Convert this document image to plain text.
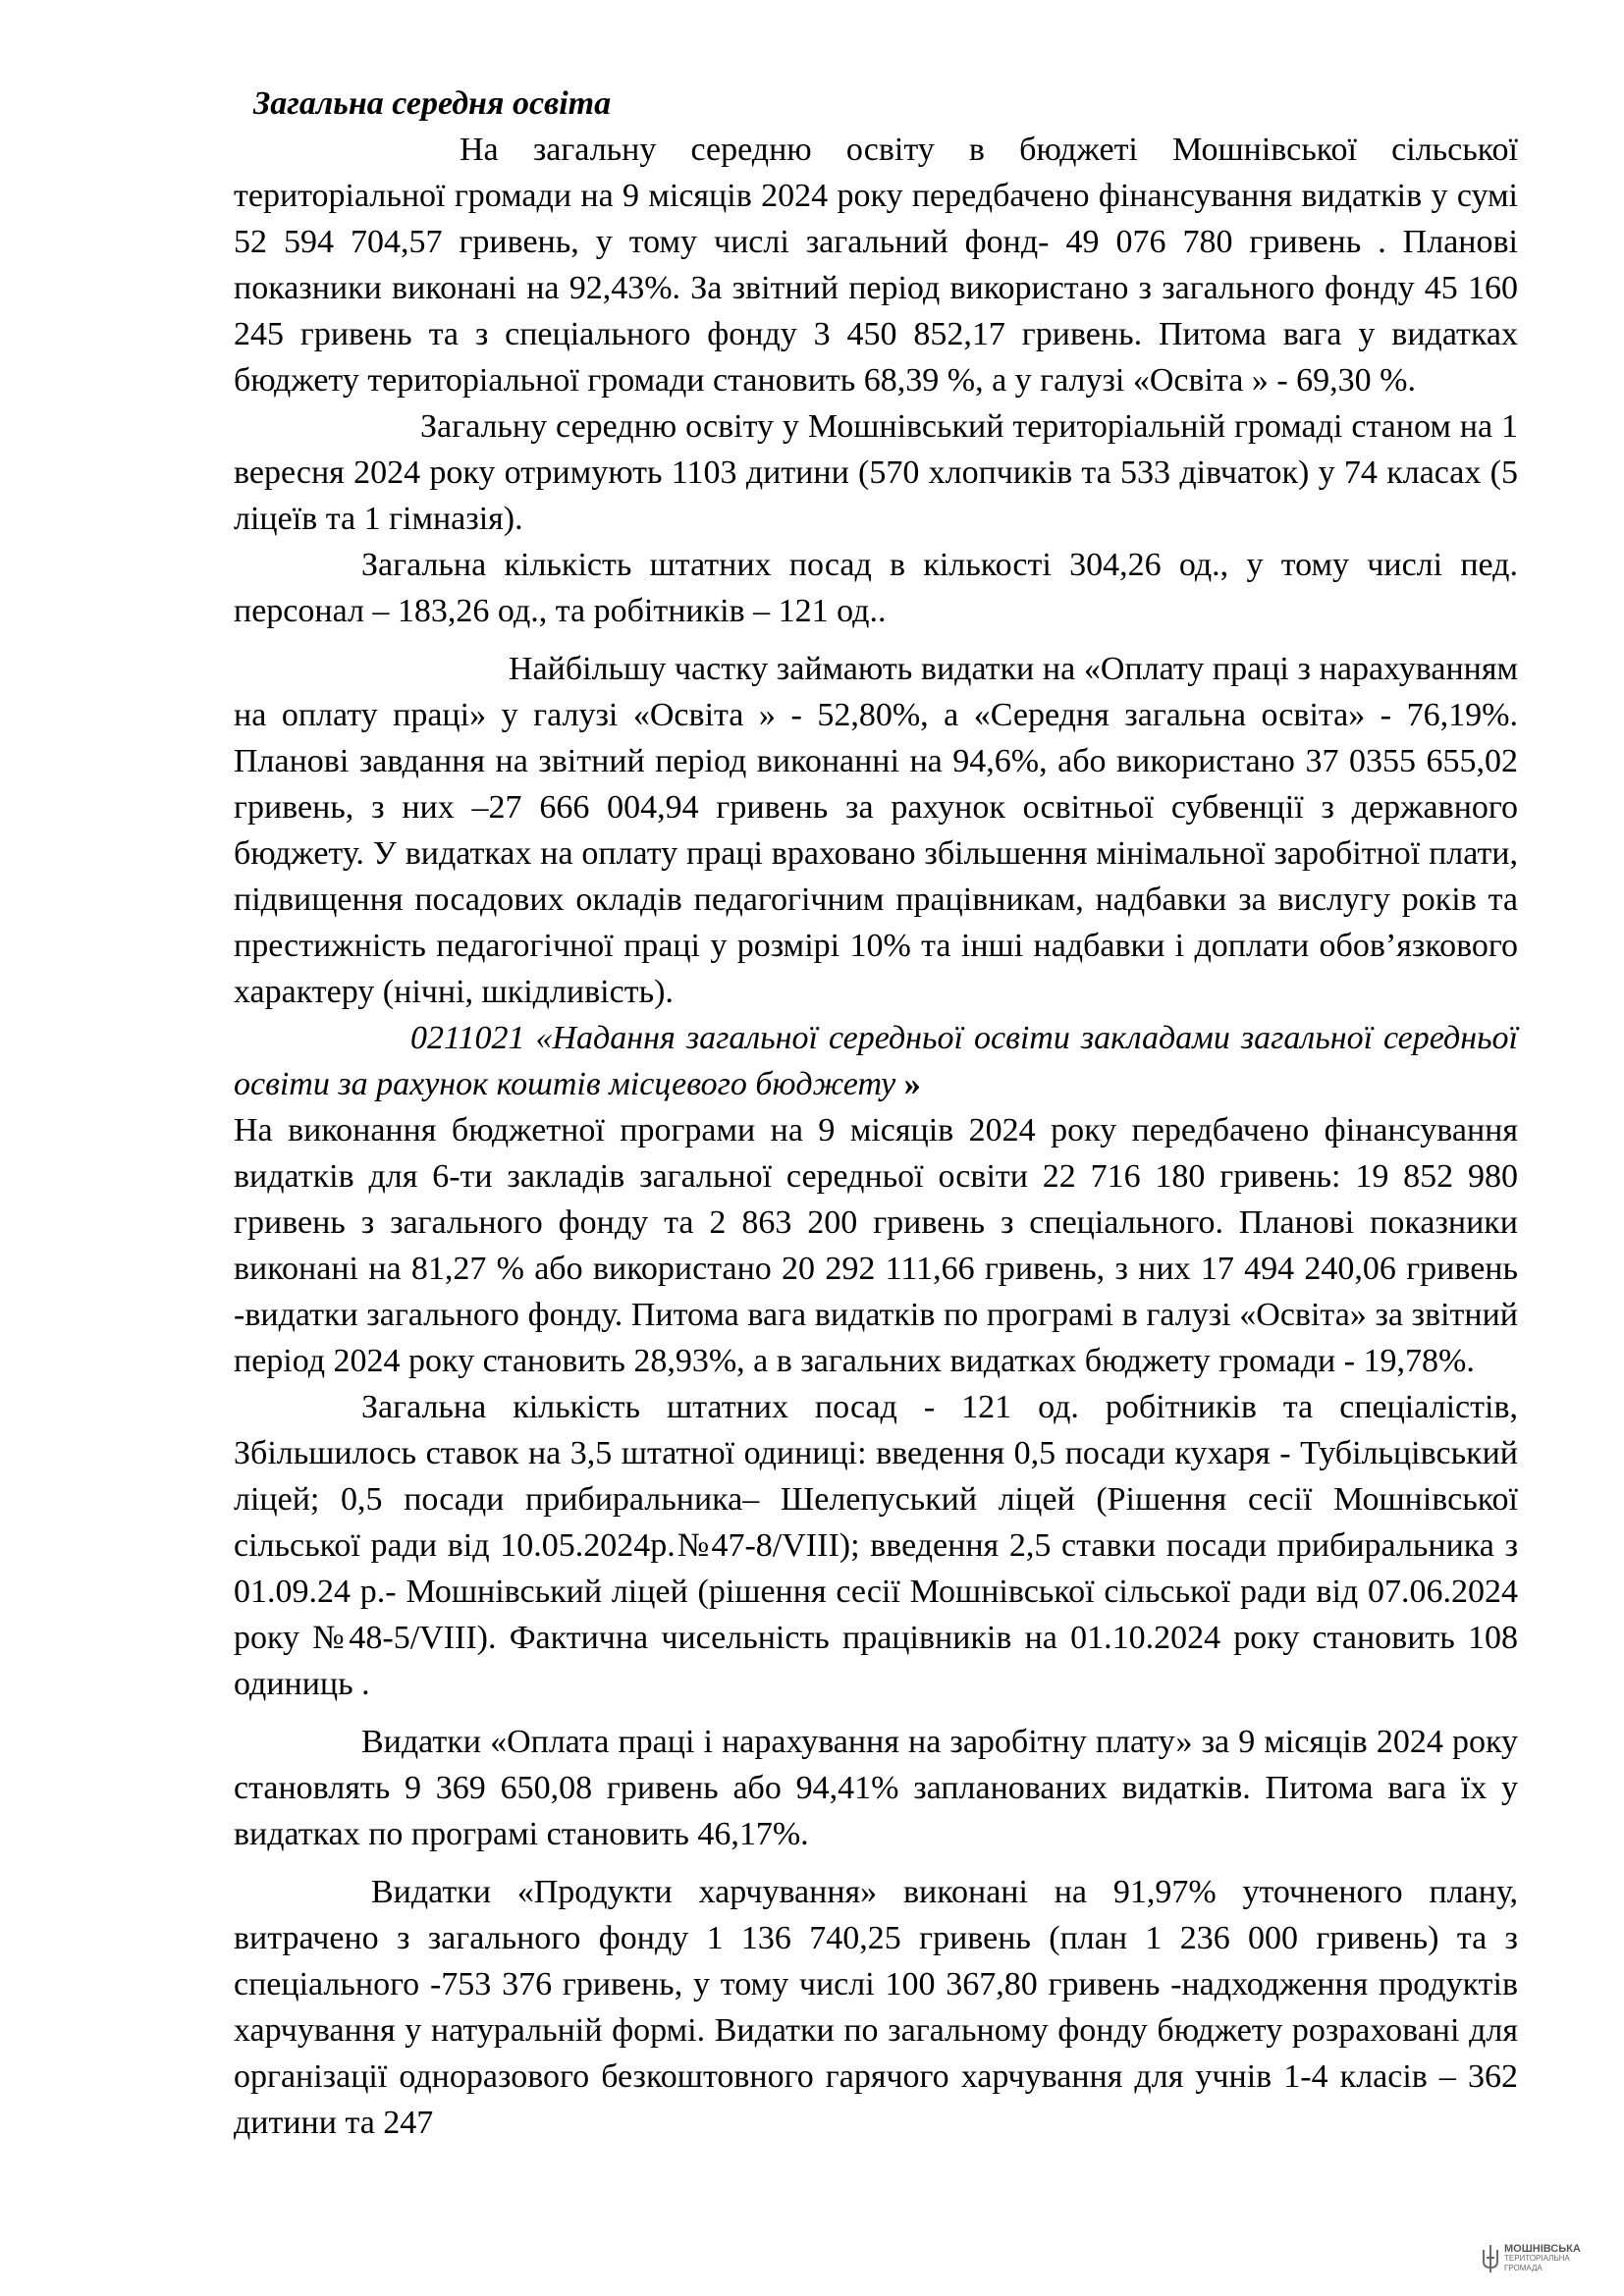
Загальна середня освіта

На загальну середню освіту в бюджеті Мошнівської сільської територіальної громади на 9 місяців 2024 року передбачено фінансування видатків у сумі 52 594 704,57 гривень, у тому числі загальний фонд- 49 076 780 гривень . Планові показники виконані на 92,43%. За звітний період використано з загального фонду 45 160 245 гривень та з спеціального фонду 3 450 852,17 гривень. Питома вага у видатках бюджету територіальної громади становить 68,39 %, а у галузі «Освіта » - 69,30 %.

Загальну середню освіту у Мошнівський територіальній громаді станом на 1 вересня 2024 року отримують 1103 дитини (570 хлопчиків та 533 дівчаток) у 74 класах (5 ліцеїв та 1 гімназія).

Загальна кількість штатних посад в кількості 304,26 од., у тому числі пед. персонал – 183,26 од., та робітників – 121 од..

Найбільшу частку займають видатки на «Оплату праці з нарахуванням на оплату праці» у галузі «Освіта » - 52,80%, а «Середня загальна освіта» - 76,19%. Планові завдання на звітний період виконанні на 94,6%, або використано 37 0355 655,02 гривень, з них –27 666 004,94 гривень за рахунок освітньої субвенції з державного бюджету. У видатках на оплату праці враховано збільшення мінімальної заробітної плати, підвищення посадових окладів педагогічним працівникам, надбавки за вислугу років та престижність педагогічної праці у розмірі 10% та інші надбавки і доплати обов’язкового характеру (нічні, шкідливість).

0211021 «Надання загальної середньої освіти закладами загальної середньої освіти за рахунок коштів місцевого бюджету »

На виконання бюджетної програми на 9 місяців 2024 року передбачено фінансування видатків для 6-ти закладів загальної середньої освіти 22 716 180 гривень: 19 852 980 гривень з загального фонду та 2 863 200 гривень з спеціального. Планові показники виконані на 81,27 % або використано 20 292 111,66 гривень, з них 17 494 240,06 гривень -видатки загального фонду. Питома вага видатків по програмі в галузі «Освіта» за звітний період 2024 року становить 28,93%, а в загальних видатках бюджету громади - 19,78%.

Загальна кількість штатних посад - 121 од. робітників та спеціалістів, Збільшилось ставок на 3,5 штатної одиниці: введення 0,5 посади кухаря - Тубільцівський ліцей; 0,5 посади прибиральника– Шелепуський ліцей (Рішення сесії Мошнівської сільської ради від 10.05.2024р.№47-8/VIII); введення 2,5 ставки посади прибиральника з 01.09.24 р.- Мошнівський ліцей (рішення сесії Мошнівської сільської ради від 07.06.2024 року №48-5/VIII). Фактична чисельність працівників на 01.10.2024 року становить 108 одиниць .

Видатки «Оплата праці і нарахування на заробітну плату» за 9 місяців 2024 року становлять 9 369 650,08 гривень або 94,41% запланованих видатків. Питома вага їх у видатках по програмі становить 46,17%.

Видатки «Продукти харчування» виконані на 91,97% уточненого плану, витрачено з загального фонду 1 136 740,25 гривень (план 1 236 000 гривень) та з спеціального -753 376 гривень, у тому числі 100 367,80 гривень -надходження продуктів харчування у натуральній формі. Видатки по загальному фонду бюджету розраховані для організації одноразового безкоштовного гарячого харчування для учнів 1-4 класів – 362 дитини та 247

МОШНІВСЬКА
ТЕРИТОРІАЛЬНА
ГРОМАДА
